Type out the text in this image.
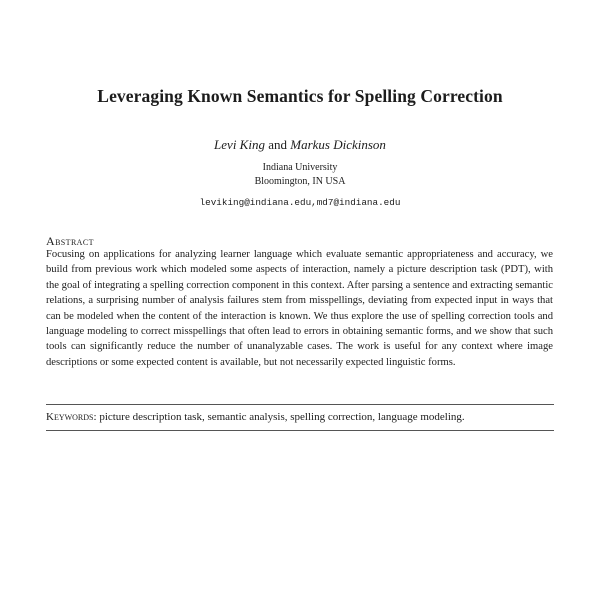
Leveraging Known Semantics for Spelling Correction
Levi King and Markus Dickinson
Indiana University
Bloomington, IN USA
leviking@indiana.edu,md7@indiana.edu
Abstract
Focusing on applications for analyzing learner language which evaluate semantic appropriateness and accuracy, we build from previous work which modeled some aspects of interaction, namely a picture description task (PDT), with the goal of integrating a spelling correction component in this context. After parsing a sentence and extracting semantic relations, a surprising number of analysis failures stem from misspellings, deviating from expected input in ways that can be modeled when the content of the interaction is known. We thus explore the use of spelling correction tools and language modeling to correct misspellings that often lead to errors in obtaining semantic forms, and we show that such tools can significantly reduce the number of unanalyzable cases. The work is useful for any context where image descriptions or some expected content is available, but not necessarily expected linguistic forms.
Keywords: picture description task, semantic analysis, spelling correction, language modeling.
